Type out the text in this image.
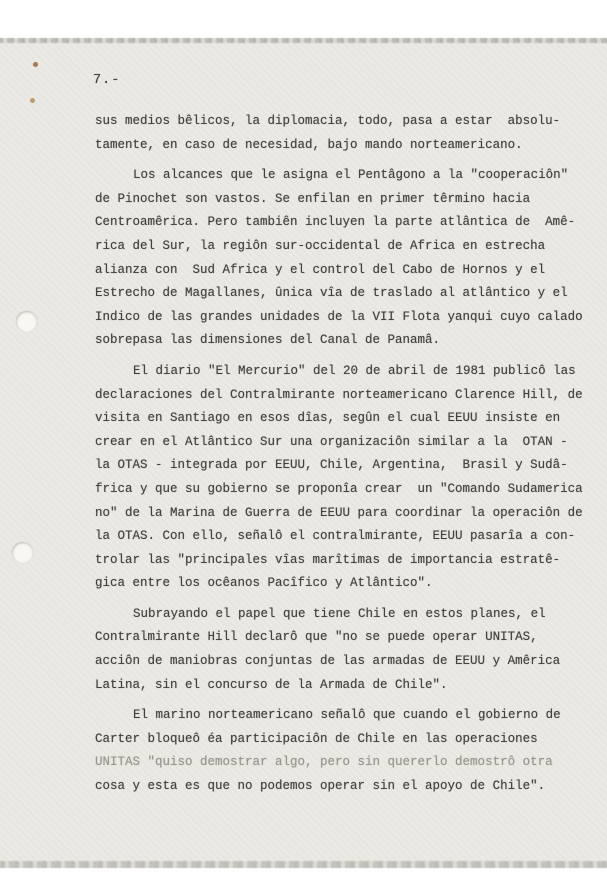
7.-

sus medios bêlicos, la diplomacia, todo, pasa a estar  absolu-
tamente, en caso de necesidad, bajo mando norteamericano.

Los alcances que le asigna el Pentâgono a la "cooperaciôn"
de Pinochet son vastos. Se enfilan en primer têrmino hacia
Centroamêrica. Pero tambiên incluyen la parte atlântica de  Amê-
rica del Sur, la regiôn sur-occidental de Africa en estrecha
alianza con  Sud Africa y el control del Cabo de Hornos y el
Estrecho de Magallanes, ûnica vîa de traslado al atlântico y el
Indico de las grandes unidades de la VII Flota yanqui cuyo calado
sobrepasa las dimensiones del Canal de Panamâ.

El diario "El Mercurio" del 20 de abril de 1981 publicô las
declaraciones del Contralmirante norteamericano Clarence Hill, de
visita en Santiago en esos dîas, segûn el cual EEUU insiste en
crear en el Atlântico Sur una organizaciôn similar a la  OTAN -
la OTAS - integrada por EEUU, Chile, Argentina,  Brasil y Sudâ-
frica y que su gobierno se proponîa crear  un "Comando Sudamerica
no" de la Marina de Guerra de EEUU para coordinar la operaciôn de
la OTAS. Con ello, señalô el contralmirante, EEUU pasarîa a con-
trolar las "principales vîas marîtimas de importancia estratê-
gica entre los ocêanos Pacîfico y Atlântico".

Subrayando el papel que tiene Chile en estos planes, el
Contralmirante Hill declarô que "no se puede operar UNITAS,
acciôn de maniobras conjuntas de las armadas de EEUU y Amêrica
Latina, sin el concurso de la Armada de Chile".

El marino norteamericano señalô que cuando el gobierno de
Carter bloqueô éa participaciôn de Chile en las operaciones
UNITAS "quiso demostrar algo, pero sin quererlo demostrô otra
cosa y esta es que no podemos operar sin el apoyo de Chile".
